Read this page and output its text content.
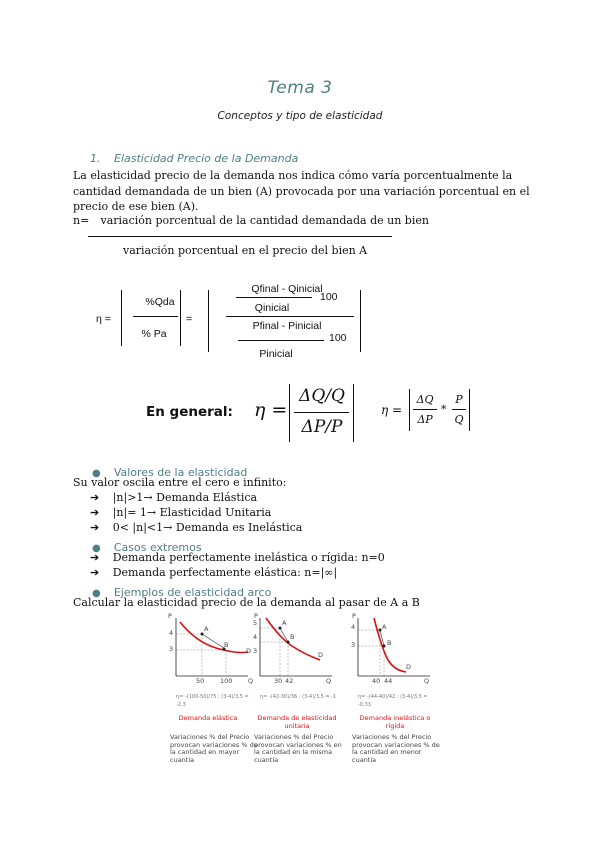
Tema 3
Conceptos y tipo de elasticidad
1. Elasticidad Precio de la Demanda
La elasticidad precio de la demanda nos indica cómo varía porcentualmente la cantidad demandada de un bien (A) provocada por una variación porcentual en el precio de ese bien (A).
n= variación porcentual de la cantidad demandada de un bien
variación porcentual en el precio del bien A
η =
%Qda
% Pa
=
Qfinal - Qinicial
100
Qinicial
Pfinal - Pinicial
100
Pinicial
En general: η =
ΔQ/Q
ΔP/P
η =
ΔQ
ΔP
*
P
Q
● Valores de la elasticidad
Su valor oscila entre el cero e infinito:
➔ |n|>1→ Demanda Elástica
➔ |n|= 1→ Elasticidad Unitaria
➔ 0< |n|<1→ Demanda es Inelástica
● Casos extremos
➔ Demanda perfectamente inelástica o rígida: n=0
➔ Demanda perfectamente elástica: n=|∞|
● Ejemplos de elasticidad arco
Calcular la elasticidad precio de la demanda al pasar de A a B
P
4
3
A
B
D
50 100 Q
η= -(100-50)/75 : (3-4)/3,5 = -2,3
Demanda elástica
Variaciones % del Precio provocan variaciones % de la cantidad en mayor cuantía
P
5
4
3
A
B
D
30 42	Q
η= -(42-30)/36 : (3-4)/3,5 = -1
Demanda de elasticidad unitaria
Variaciones % del Precio provocan variaciones % en la cantidad en la misma cuantía
P
4
3
A
B
D
40 44	Q
η= -(44-40)/42 : (3-4)/3,5 = -0,33
Demanda inelástica o rígida
Variaciones % del Precio provocan variaciones % de la cantidad en menor cuantía
